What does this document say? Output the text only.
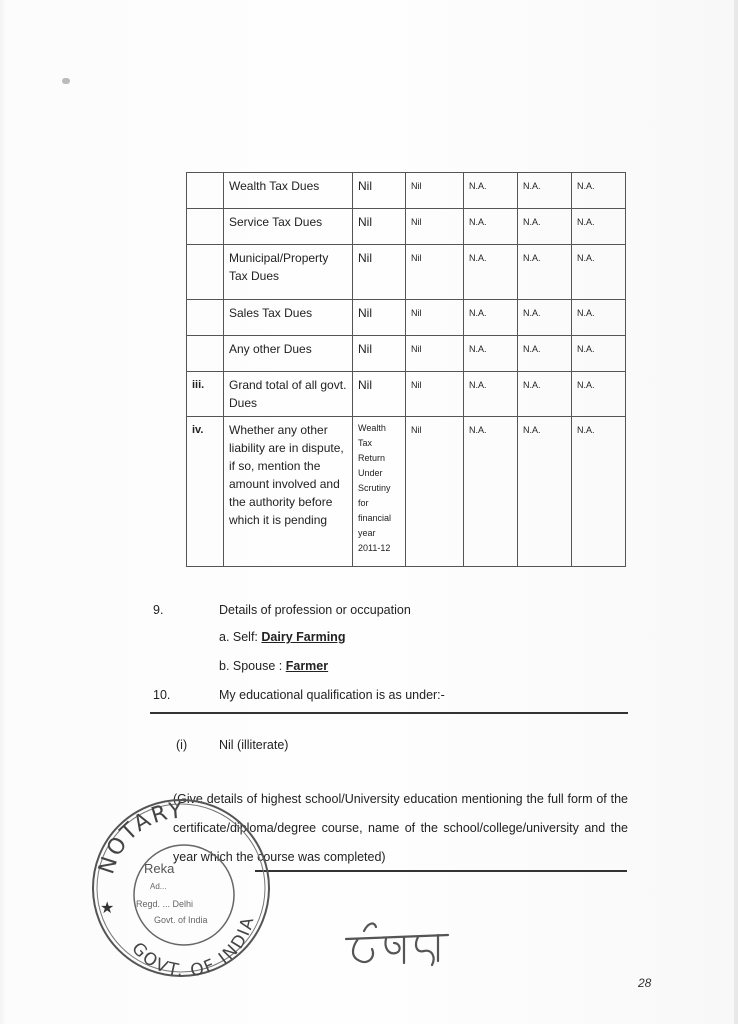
	Wealth Tax Dues	Nil	Nil	N.A.	N.A.	N.A.
	Service Tax Dues	Nil	Nil	N.A.	N.A.	N.A.
	Municipal/Property Tax Dues	Nil	Nil	N.A.	N.A.	N.A.
	Sales Tax Dues	Nil	Nil	N.A.	N.A.	N.A.
	Any other Dues	Nil	Nil	N.A.	N.A.	N.A.
iii.	Grand total of all govt. Dues	Nil	Nil	N.A.	N.A.	N.A.
iv.	Whether any other liability are in dispute, if so, mention the amount involved and the authority before which it is pending	Wealth Tax Return Under Scrutiny for financial year 2011-12	Nil	N.A.	N.A.	N.A.
9.	Details of profession or occupation
a. Self: Dairy Farming
b. Spouse : Farmer
10.	My educational qualification is as under:-
(i)	Nil (illiterate)
(Give details of highest school/University education mentioning the full form of the certificate/diploma/degree course, name of the school/college/university and the year which the course was completed)
NOTARY
GOVT. OF INDIA
★
Reka
Ad...
Regd. ... Delhi
Govt. of India
28
